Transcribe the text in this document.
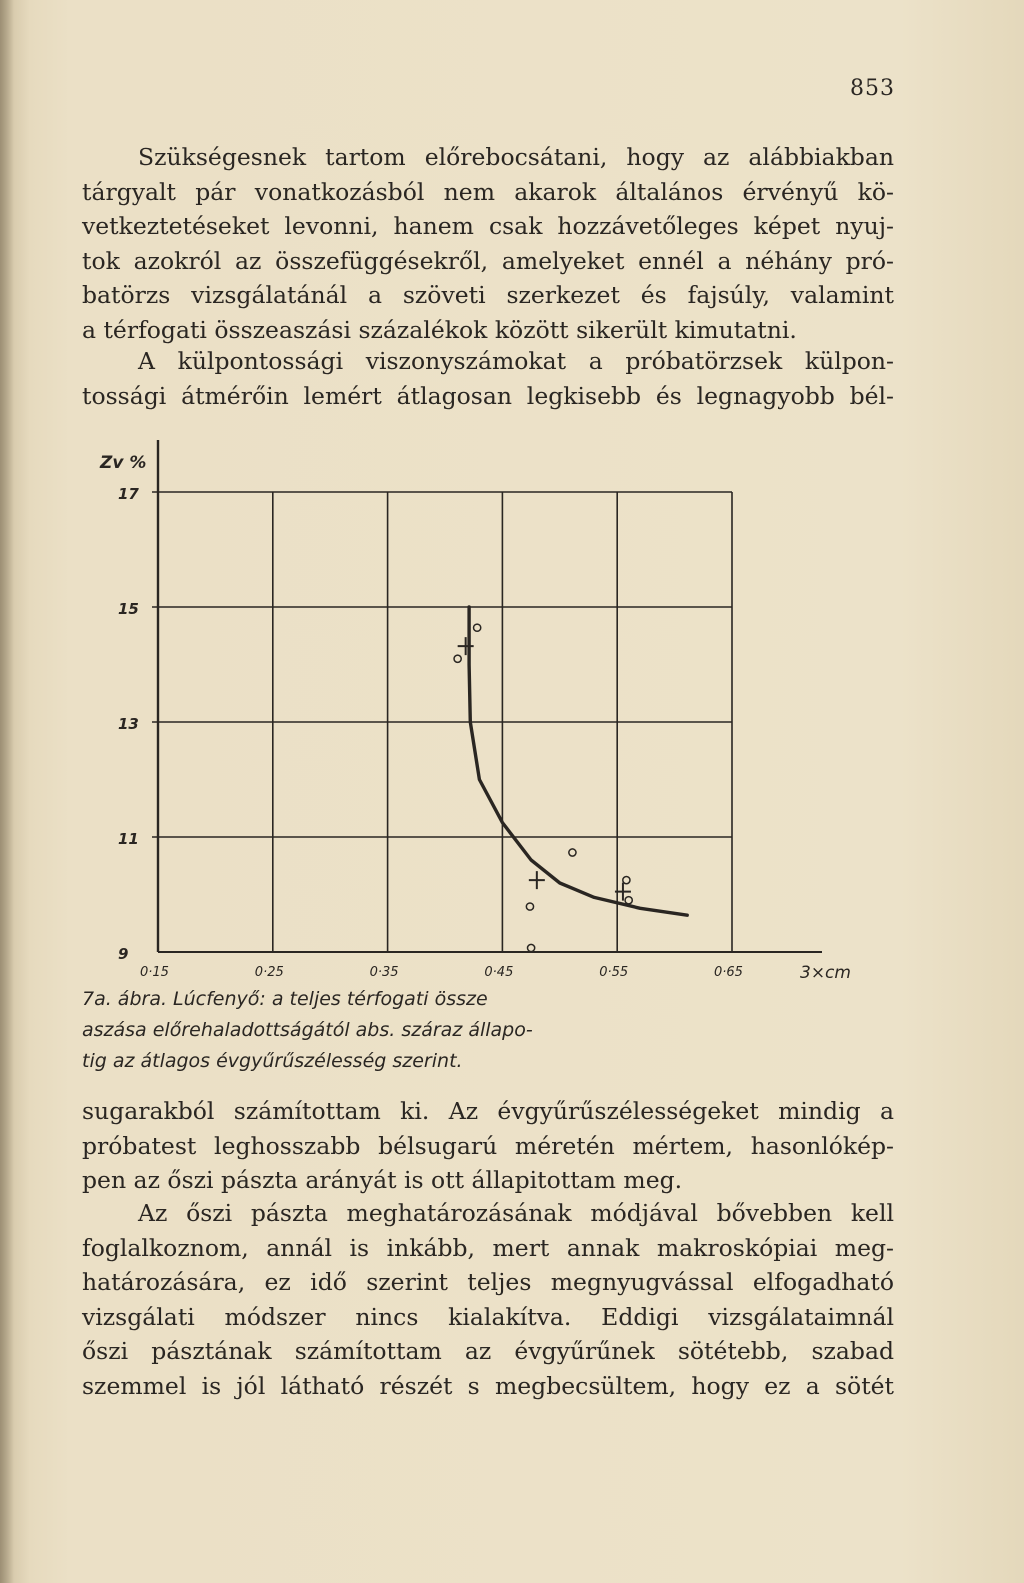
853

Szükségesnek tartom előrebocsátani, hogy az alábbiakban
tárgyalt pár vonatkozásból nem akarok általános érvényű kö-
vetkeztetéseket levonni, hanem csak hozzávetőleges képet nyuj-
tok azokról az összefüggésekről, amelyeket ennél a néhány pró-
batörzs vizsgálatánál a szöveti szerkezet és fajsúly, valamint
a térfogati összeaszási százalékok között sikerült kimutatni.

A külpontossági viszonyszámokat a próbatörzsek külpon-
tossági átmérőin lemért átlagosan legkisebb és legnagyobb bél-

9
11
13
15
17
0·15	0·25	0·35	0·45	0·55	0·65
Zv %
3×cm
7a. ábra. Lúcfenyő: a teljes térfogati össze
aszása előrehaladottságától abs. száraz állapo-
tig az átlagos évgyűrűszélesség szerint.

sugarakból számítottam ki. Az évgyűrűszélességeket mindig a
próbatest leghosszabb bélsugarú méretén mértem, hasonlókép-
pen az őszi pászta arányát is ott állapitottam meg.

Az őszi pászta meghatározásának módjával bővebben kell
foglalkoznom, annál is inkább, mert annak makroskópiai meg-
határozására, ez idő szerint teljes megnyugvással elfogadható
vizsgálati módszer nincs kialakítva. Eddigi vizsgálataimnál
őszi pásztának számítottam az évgyűrűnek sötétebb, szabad
szemmel is jól látható részét s megbecsültem, hogy ez a sötét
